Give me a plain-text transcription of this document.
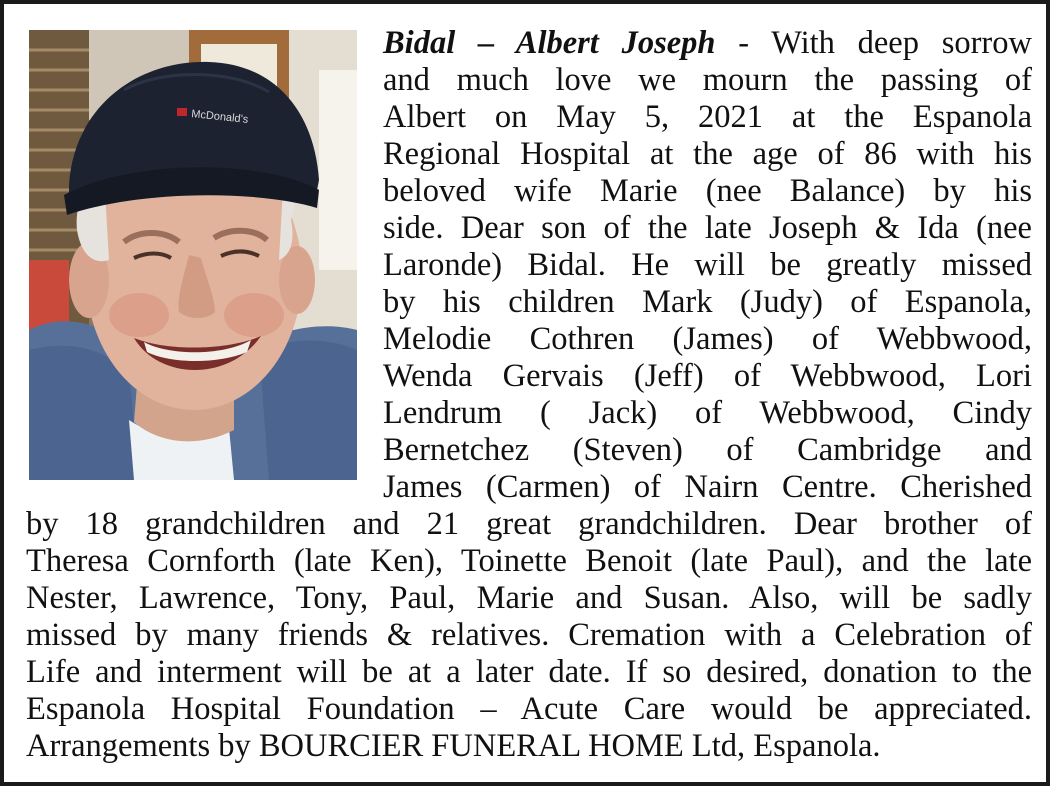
McDonald's
Bidal – Albert Joseph - With deep sorrow
and much love we mourn the passing of
Albert on May 5, 2021 at the Espanola
Regional Hospital at the age of 86 with his
beloved wife Marie (nee Balance) by his
side. Dear son of the late Joseph & Ida (nee
Laronde) Bidal. He will be greatly missed
by his children Mark (Judy) of Espanola,
Melodie Cothren (James) of Webbwood,
Wenda Gervais (Jeff) of Webbwood, Lori
Lendrum ( Jack) of Webbwood, Cindy
Bernetchez (Steven) of Cambridge and
James (Carmen) of Nairn Centre. Cherished
by 18 grandchildren and 21 great grandchildren. Dear brother of
Theresa Cornforth (late Ken), Toinette Benoit (late Paul), and the late
Nester, Lawrence, Tony, Paul, Marie and Susan. Also, will be sadly
missed by many friends & relatives. Cremation with a Celebration of
Life and interment will be at a later date. If so desired, donation to the
Espanola Hospital Foundation – Acute Care would be appreciated.
Arrangements by BOURCIER FUNERAL HOME Ltd, Espanola.
